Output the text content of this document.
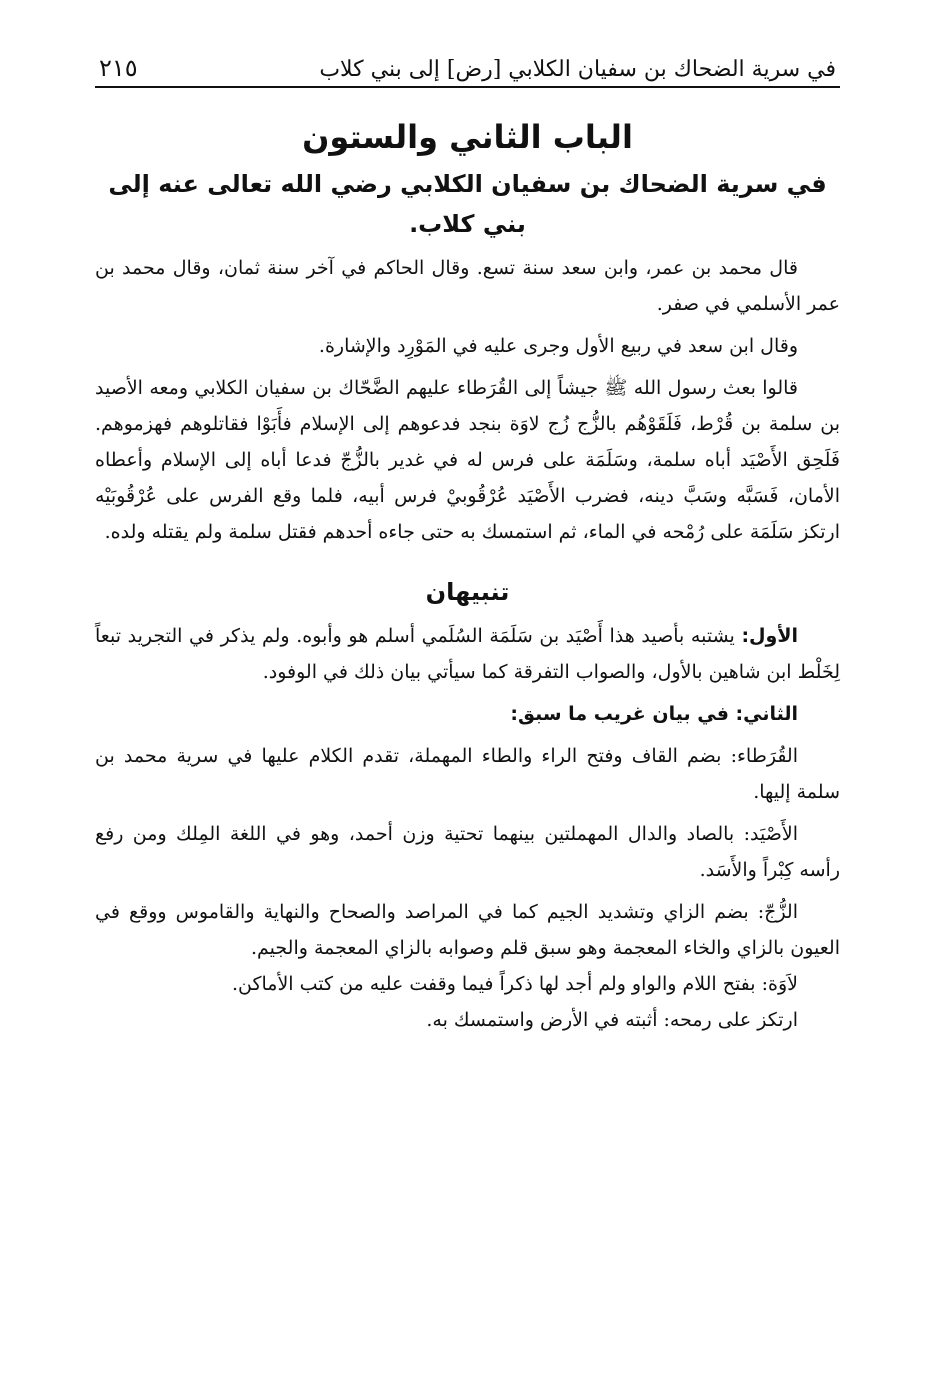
في سرية الضحاك بن سفيان الكلابي [رض] إلى بني كلاب
٢١٥
الباب الثاني والستون
في سرية الضحاك بن سفيان الكلابي رضي الله تعالى عنه إلى بني كلاب.

قال محمد بن عمر، وابن سعد سنة تسع. وقال الحاكم في آخر سنة ثمان، وقال محمد بن عمر الأسلمي في صفر.

وقال ابن سعد في ربيع الأول وجرى عليه في المَوْرِد والإشارة.

قالوا بعث رسول الله ﷺ جيشاً إلى القُرَطاء عليهم الضَّحّاك بن سفيان الكلابي ومعه الأصيد بن سلمة بن قُرْط، فَلَقَوْهُم بالزُّج زُج لاوَة بنجد فدعوهم إلى الإسلام فأَبَوْا فقاتلوهم فهزموهم. فَلَحِق الأَصْيَد أباه سلمة، وسَلَمَة على فرس له في غدير بالزُّجّ فدعا أباه إلى الإسلام وأعطاه الأمان، فَسَبَّه وسَبَّ دينه، فضرب الأَصْيَد عُرْقُوبيْ فرس أبيه، فلما وقع الفرس على عُرْقُوبَيْه ارتكز سَلَمَة على رُمْحه في الماء، ثم استمسك به حتى جاءه أحدهم فقتل سلمة ولم يقتله ولده.

تنبيهان

الأول: يشتبه بأصيد هذا أَصْيَد بن سَلَمَة السُلَمي أسلم هو وأبوه. ولم يذكر في التجريد تبعاً لِخَلْط ابن شاهين بالأول، والصواب التفرقة كما سيأتي بيان ذلك في الوفود.

الثاني: في بيان غريب ما سبق:

القُرَطاء: بضم القاف وفتح الراء والطاء المهملة، تقدم الكلام عليها في سرية محمد بن سلمة إليها.

الأَصْيَد: بالصاد والدال المهملتين بينهما تحتية وزن أحمد، وهو في اللغة المِلك ومن رفع رأسه كِبْراً والأَسَد.

الزُّجّ: بضم الزاي وتشديد الجيم كما في المراصد والصحاح والنهاية والقاموس ووقع في العيون بالزاي والخاء المعجمة وهو سبق قلم وصوابه بالزاي المعجمة والجيم.

لاَوَة: بفتح اللام والواو ولم أجد لها ذكراً فيما وقفت عليه من كتب الأماكن.

ارتكز على رمحه: أثبته في الأرض واستمسك به.
